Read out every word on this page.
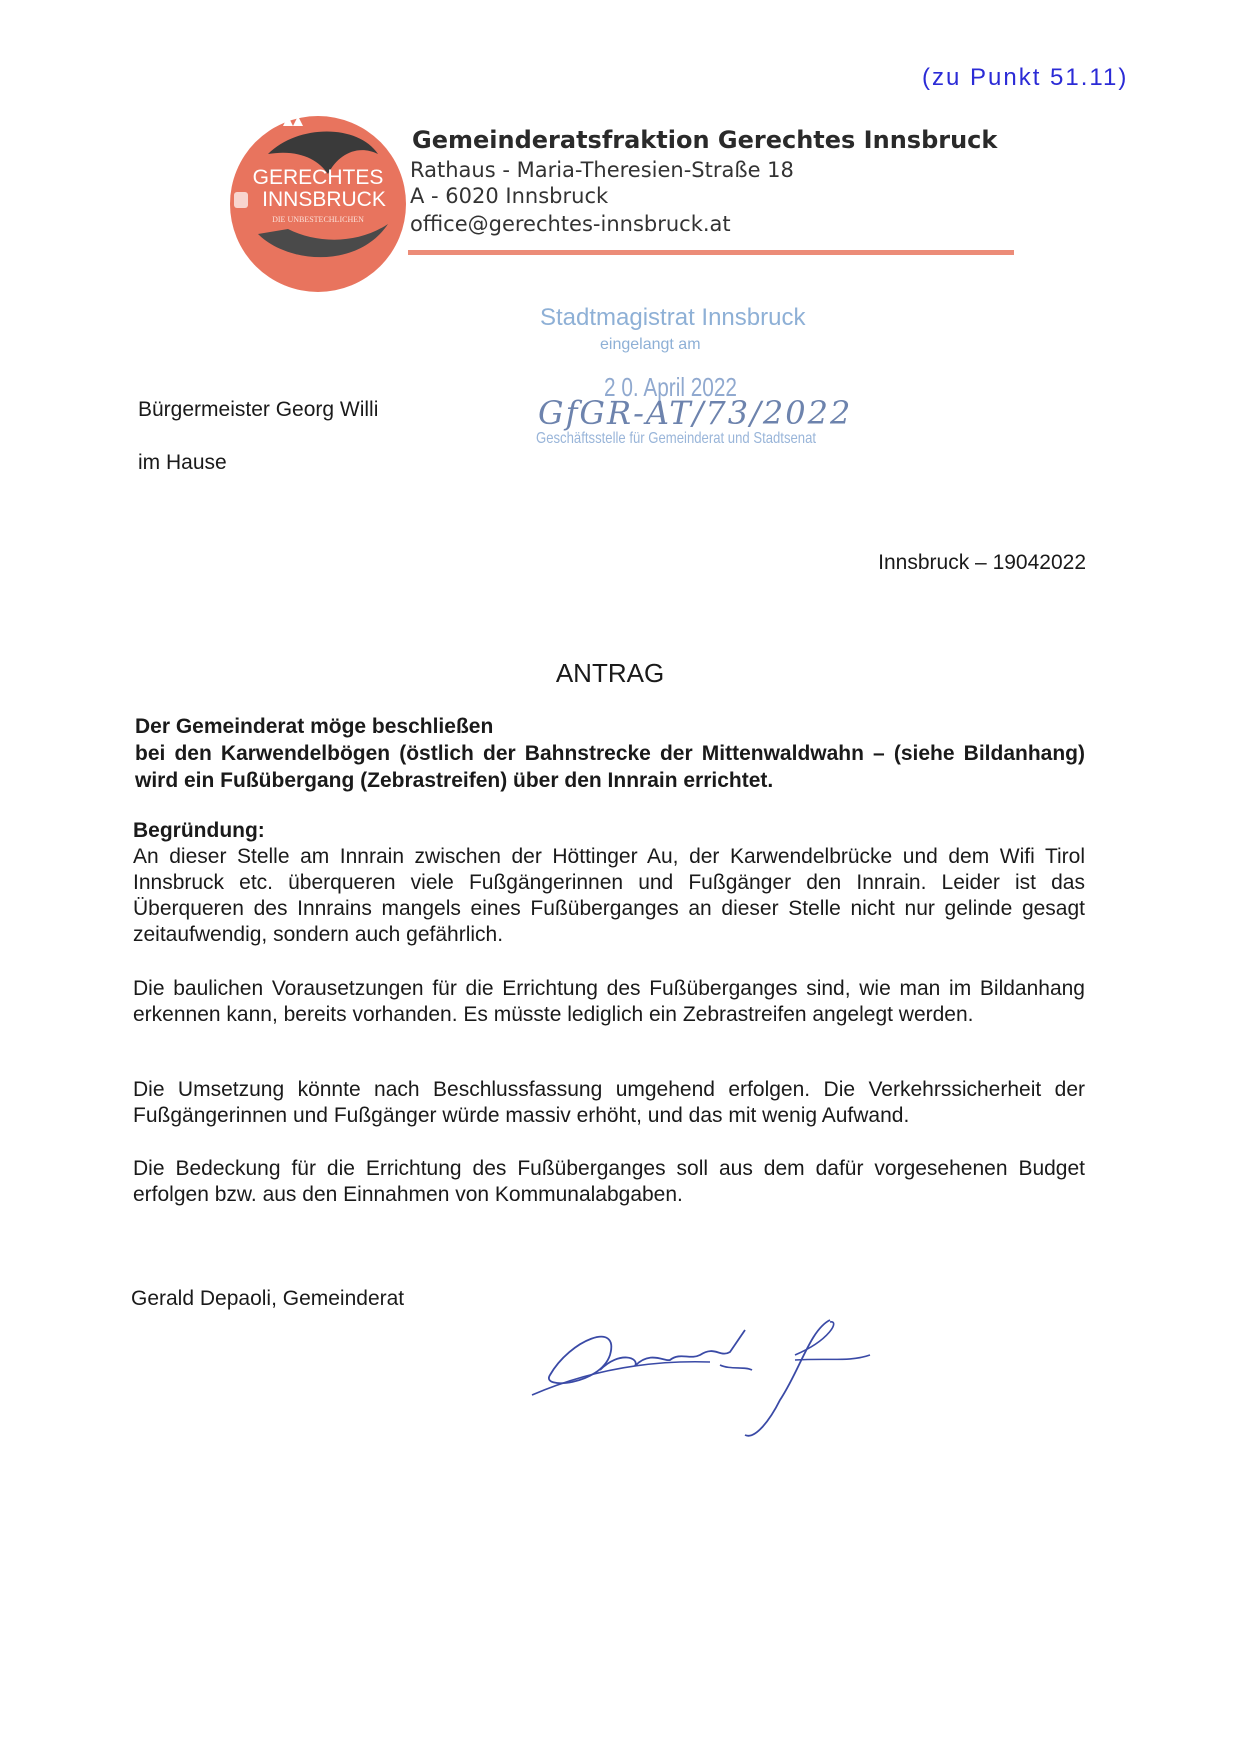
(zu Punkt 51.11)
GERECHTES
INNSBRUCK
DIE UNBESTECHLICHEN
Gemeinderatsfraktion Gerechtes Innsbruck
Rathaus - Maria-Theresien-Straße 18
A - 6020 Innsbruck
office@gerechtes-innsbruck.at
Stadtmagistrat Innsbruck
eingelangt am
2 0. April 2022
GfGR-AT/73/2022
Geschäftsstelle für Gemeinderat und Stadtsenat
Bürgermeister Georg Willi
im Hause
Innsbruck – 19042022
ANTRAG
Der Gemeinderat möge beschließen
bei den Karwendelbögen (östlich der Bahnstrecke der Mittenwaldwahn – (siehe Bildanhang) wird ein Fußübergang (Zebrastreifen) über den Innrain errichtet.
Begründung:

An dieser Stelle am Innrain zwischen der Höttinger Au, der Karwendelbrücke und dem Wifi Tirol Innsbruck etc. überqueren viele Fußgängerinnen und Fußgänger den Innrain. Leider ist das Überqueren des Innrains mangels eines Fußüberganges an dieser Stelle nicht nur gelinde gesagt zeitaufwendig, sondern auch gefährlich.

Die baulichen Vorausetzungen für die Errichtung des Fußüberganges sind, wie man im Bildanhang erkennen kann, bereits vorhanden. Es müsste lediglich ein Zebrastreifen angelegt werden.

Die Umsetzung könnte nach Beschlussfassung umgehend erfolgen. Die Verkehrssicherheit der Fußgängerinnen und Fußgänger würde massiv erhöht, und das mit wenig Aufwand.

Die Bedeckung für die Errichtung des Fußüberganges soll aus dem dafür vorgesehenen Budget erfolgen bzw. aus den Einnahmen von Kommunalabgaben.

Gerald Depaoli, Gemeinderat
